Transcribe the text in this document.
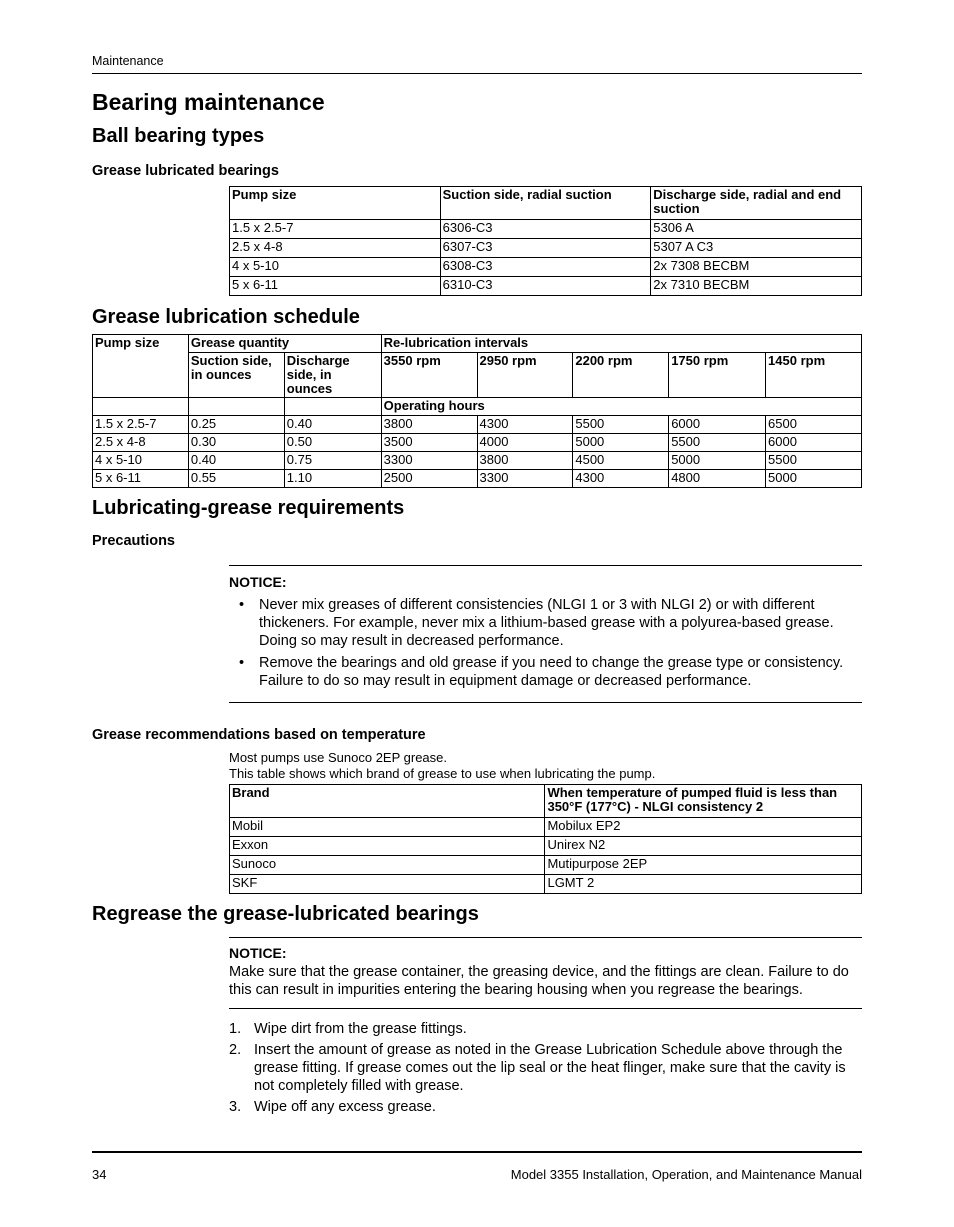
Maintenance
Bearing maintenance
Ball bearing types
Grease lubricated bearings
Pump size	Suction side, radial suction	Discharge side, radial and end suction
1.5 x 2.5-7	6306-C3	5306 A
2.5 x 4-8	6307-C3	5307 A C3
4 x 5-10	6308-C3	2x 7308 BECBM
5 x 6-11	6310-C3	2x 7310 BECBM
Grease lubrication schedule
Pump size	Grease quantity		Re-lubrication intervals				
	Suction side, in ounces	Discharge side, in ounces	3550 rpm	2950 rpm	2200 rpm	1750 rpm	1450 rpm
			Operating hours				
1.5 x 2.5-7	0.25	0.40	3800	4300	5500	6000	6500
2.5 x 4-8	0.30	0.50	3500	4000	5000	5500	6000
4 x 5-10	0.40	0.75	3300	3800	4500	5000	5500
5 x 6-11	0.55	1.10	2500	3300	4300	4800	5000
Lubricating-grease requirements
Precautions
NOTICE:
• Never mix greases of different consistencies (NLGI 1 or 3 with NLGI 2) or with different thickeners. For example, never mix a lithium-based grease with a polyurea-based grease. Doing so may result in decreased performance.
• Remove the bearings and old grease if you need to change the grease type or consistency. Failure to do so may result in equipment damage or decreased performance.
Grease recommendations based on temperature
Most pumps use Sunoco 2EP grease.
This table shows which brand of grease to use when lubricating the pump.
Brand	When temperature of pumped fluid is less than 350°F (177°C) - NLGI consistency 2
Mobil	Mobilux EP2
Exxon	Unirex N2
Sunoco	Mutipurpose 2EP
SKF	LGMT 2
Regrease the grease-lubricated bearings
NOTICE:
Make sure that the grease container, the greasing device, and the fittings are clean. Failure to do this can result in impurities entering the bearing housing when you regrease the bearings.
1. Wipe dirt from the grease fittings.
2. Insert the amount of grease as noted in the Grease Lubrication Schedule above through the grease fitting. If grease comes out the lip seal or the heat flinger, make sure that the cavity is not completely filled with grease.
3. Wipe off any excess grease.
34	Model 3355 Installation, Operation, and Maintenance Manual
